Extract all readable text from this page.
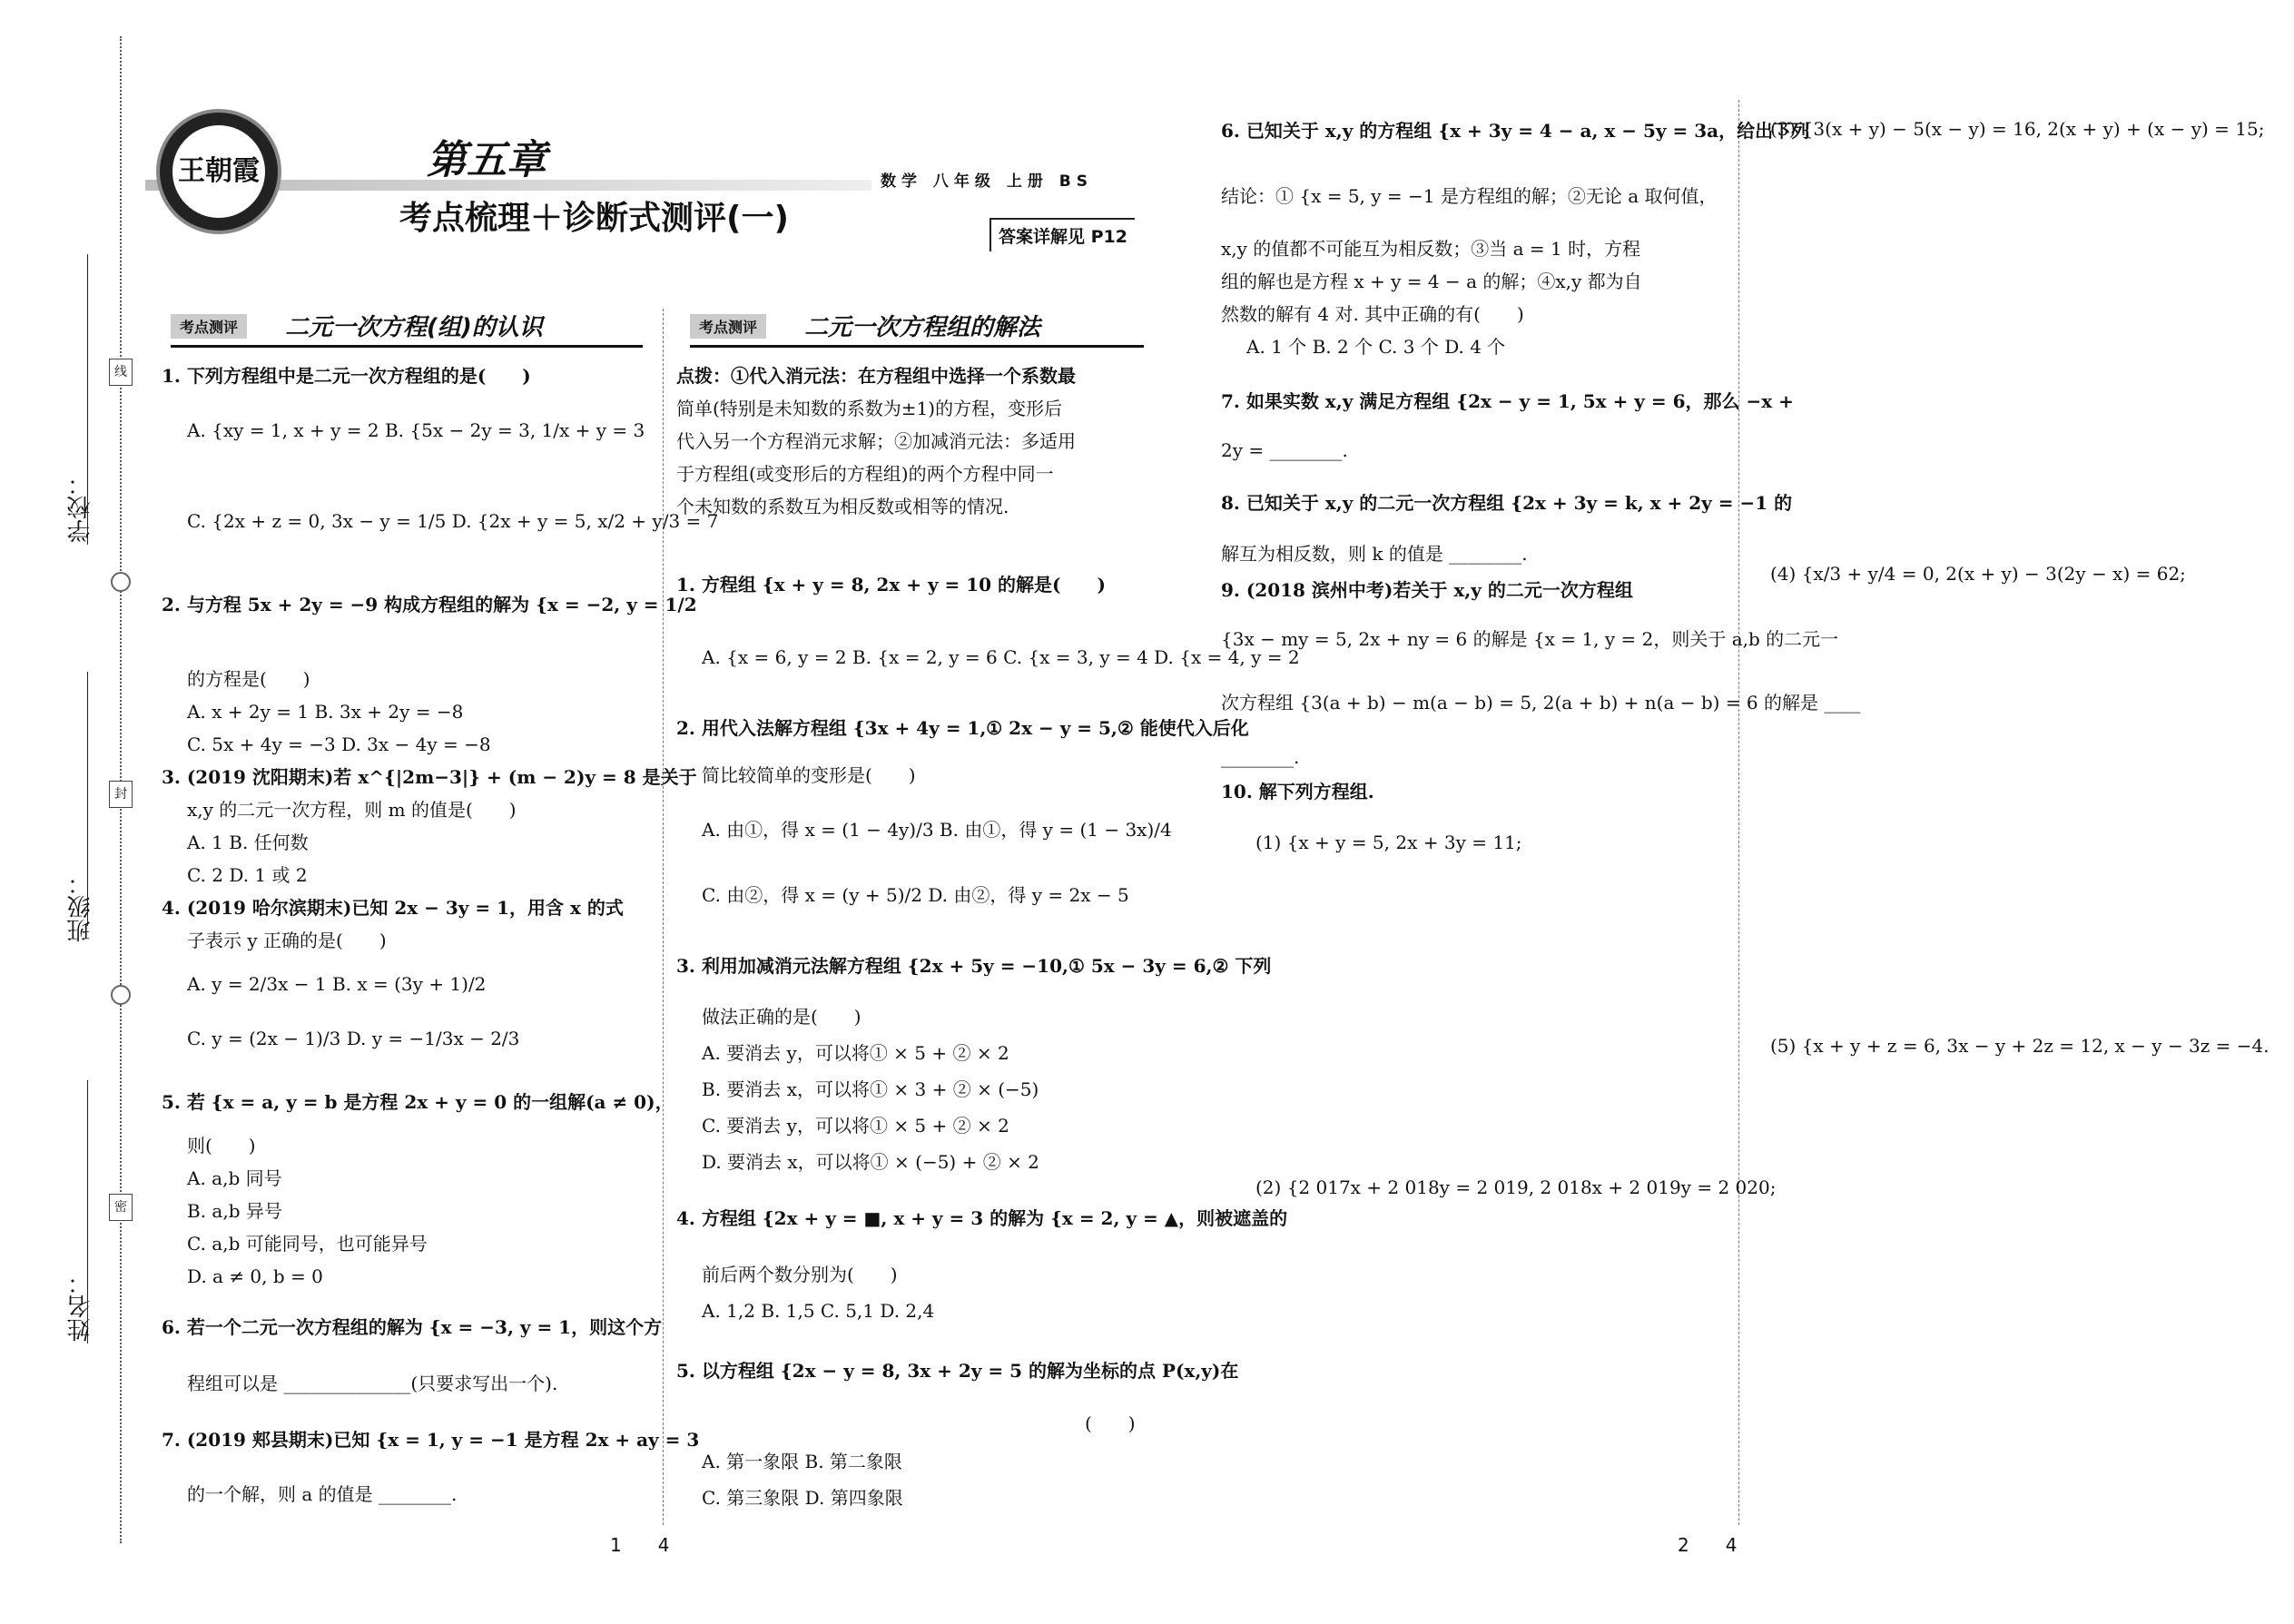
学校：
班级：
姓名：
线
封
密
王朝霞	第五章
考点梳理＋诊断式测评(一)
数学 八年级 上册 BS
答案详解见 P12
考点测评	二元一次方程(组)的认识	考点测评	二元一次方程组的解法
1. 下列方程组中是二元一次方程组的是(　　)
A. {xy = 1, x + y = 2 B. {5x − 2y = 3, 1/x + y = 3
C. {2x + z = 0, 3x − y = 1/5 D. {2x + y = 5, x/2 + y/3 = 7
2. 与方程 5x + 2y = −9 构成方程组的解为 {x = −2, y = 1/2
的方程是(　　)
A. x + 2y = 1 B. 3x + 2y = −8
C. 5x + 4y = −3 D. 3x − 4y = −8
3. (2019 沈阳期末)若 x^{|2m−3|} + (m − 2)y = 8 是关于
x,y 的二元一次方程，则 m 的值是(　　)
A. 1 B. 任何数
C. 2 D. 1 或 2
4. (2019 哈尔滨期末)已知 2x − 3y = 1，用含 x 的式
子表示 y 正确的是(　　)
A. y = 2/3x − 1 B. x = (3y + 1)/2
C. y = (2x − 1)/3 D. y = −1/3x − 2/3
5. 若 {x = a, y = b 是方程 2x + y = 0 的一组解(a ≠ 0)，
则(　　)
A. a,b 同号
B. a,b 异号
C. a,b 可能同号，也可能异号
D. a ≠ 0, b = 0
6. 若一个二元一次方程组的解为 {x = −3, y = 1，则这个方
程组可以是 ______________(只要求写出一个).
7. (2019 郏县期末)已知 {x = 1, y = −1 是方程 2x + ay = 3
的一个解，则 a 的值是 ________.
点拨：①代入消元法：在方程组中选择一个系数最
简单(特别是未知数的系数为±1)的方程，变形后
代入另一个方程消元求解；②加减消元法：多适用
于方程组(或变形后的方程组)的两个方程中同一
个未知数的系数互为相反数或相等的情况.
1. 方程组 {x + y = 8, 2x + y = 10 的解是(　　)
A. {x = 6, y = 2 B. {x = 2, y = 6 C. {x = 3, y = 4 D. {x = 4, y = 2
2. 用代入法解方程组 {3x + 4y = 1,① 2x − y = 5,② 能使代入后化
简比较简单的变形是(　　)
A. 由①，得 x = (1 − 4y)/3 B. 由①，得 y = (1 − 3x)/4
C. 由②，得 x = (y + 5)/2 D. 由②，得 y = 2x − 5
3. 利用加减消元法解方程组 {2x + 5y = −10,① 5x − 3y = 6,② 下列
做法正确的是(　　)
A. 要消去 y，可以将① × 5 + ② × 2
B. 要消去 x，可以将① × 3 + ② × (−5)
C. 要消去 y，可以将① × 5 + ② × 2
D. 要消去 x，可以将① × (−5) + ② × 2
4. 方程组 {2x + y = ■, x + y = 3 的解为 {x = 2, y = ▲，则被遮盖的
前后两个数分别为(　　)
A. 1,2 B. 1,5 C. 5,1 D. 2,4
5. 以方程组 {2x − y = 8, 3x + 2y = 5 的解为坐标的点 P(x,y)在
(　　)
A. 第一象限 B. 第二象限
C. 第三象限 D. 第四象限
6. 已知关于 x,y 的方程组 {x + 3y = 4 − a, x − 5y = 3a，给出下列
结论：① {x = 5, y = −1 是方程组的解；②无论 a 取何值，
x,y 的值都不可能互为相反数；③当 a = 1 时，方程
组的解也是方程 x + y = 4 − a 的解；④x,y 都为自
然数的解有 4 对. 其中正确的有(　　)
A. 1 个 B. 2 个 C. 3 个 D. 4 个
7. 如果实数 x,y 满足方程组 {2x − y = 1, 5x + y = 6，那么 −x +
2y = ________.
8. 已知关于 x,y 的二元一次方程组 {2x + 3y = k, x + 2y = −1 的
解互为相反数，则 k 的值是 ________.
9. (2018 滨州中考)若关于 x,y 的二元一次方程组
{3x − my = 5, 2x + ny = 6 的解是 {x = 1, y = 2，则关于 a,b 的二元一
次方程组 {3(a + b) − m(a − b) = 5, 2(a + b) + n(a − b) = 6 的解是 ____
________.
10. 解下列方程组.
(1) {x + y = 5, 2x + 3y = 11;
(2) {2 017x + 2 018y = 2 019, 2 018x + 2 019y = 2 020;
(3) {3(x + y) − 5(x − y) = 16, 2(x + y) + (x − y) = 15;
(4) {x/3 + y/4 = 0, 2(x + y) − 3(2y − x) = 62;
(5) {x + y + z = 6, 3x − y + 2z = 12, x − y − 3z = −4.
1　　4	2　　4
